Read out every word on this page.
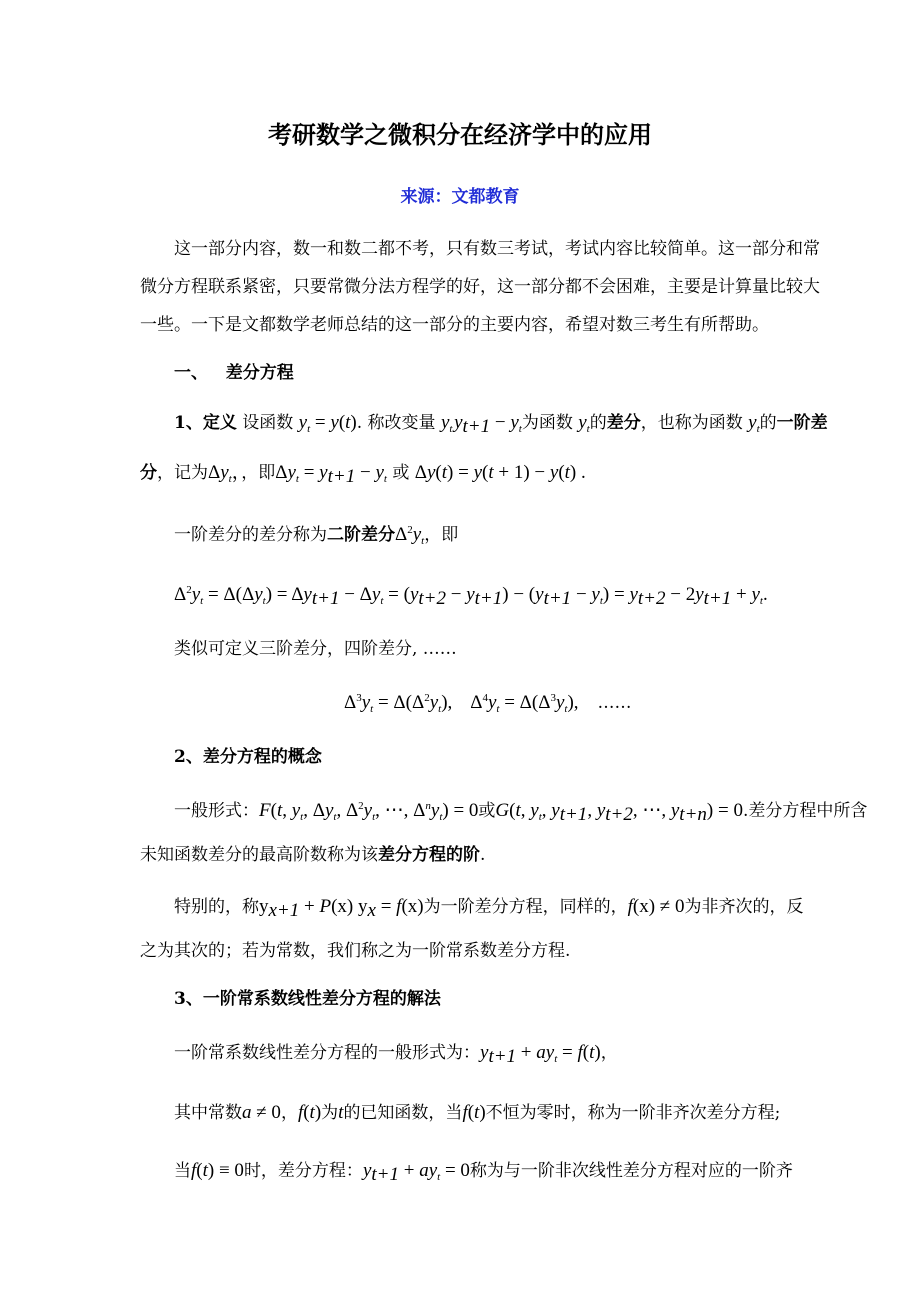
考研数学之微积分在经济学中的应用
来源：文都教育
这一部分内容，数一和数二都不考，只有数三考试，考试内容比较简单。这一部分和常
微分方程联系紧密，只要常微分法方程学的好，这一部分都不会困难，主要是计算量比较大
一些。一下是文都数学老师总结的这一部分的主要内容，希望对数三考生有所帮助。
一、 差分方程
1、定义 设函数 $y_t = y(t)$. 称改变量 $y_t$ $y_{t+1} - y_t$为函数 $y_t$的差分，也称为函数 $y_t$的一阶差
分，记为$\Delta y_t$，，即$\Delta y_t = y_{t+1} - y_t$ 或 Δy(t) = y(t + 1) − y(t) .
一阶差分的差分称为二阶差分$\Delta^2y_t$，即
$\Delta^2y_t = \Delta(\Delta y_t) = \Delta y_{t+1} - \Delta y_t = (y_{t+2} - y_{t+1}) - (y_{t+1} - y_t) = y_{t+2} - 2y_{t+1} + y_t$.
类似可定义三阶差分，四阶差分, ……
$\Delta^3y_t = \Delta(\Delta^2y_t)$,    $\Delta^4y_t = \Delta(\Delta^3y_t)$,    ……
2、差分方程的概念
一般形式：F(t, $y_t$, $\Delta y_t$, $\Delta^2y_t$, ⋯, $\Delta^ny_t) = 0$或G(t, $y_t$, $y_{t+1}$, $y_{t+2}$, ⋯, $y_{t+n}) = 0$.差分方程中所含
未知函数差分的最高阶数称为该差分方程的阶.
特别的，称$y_{x+1} + P(x) y_x = f(x)$为一阶差分方程，同样的，f(x) ≠ 0为非齐次的，反
之为其次的；若为常数，我们称之为一阶常系数差分方程.
3、一阶常系数线性差分方程的解法
一阶常系数线性差分方程的一般形式为：$y_{t+1} + ay_t = f(t)$，
其中常数a ≠ 0，f(t)为t的已知函数，当f(t)不恒为零时，称为一阶非齐次差分方程;
当f(t) ≡ 0时，差分方程：$y_{t+1} + ay_t = 0$称为与一阶非次线性差分方程对应的一阶齐
